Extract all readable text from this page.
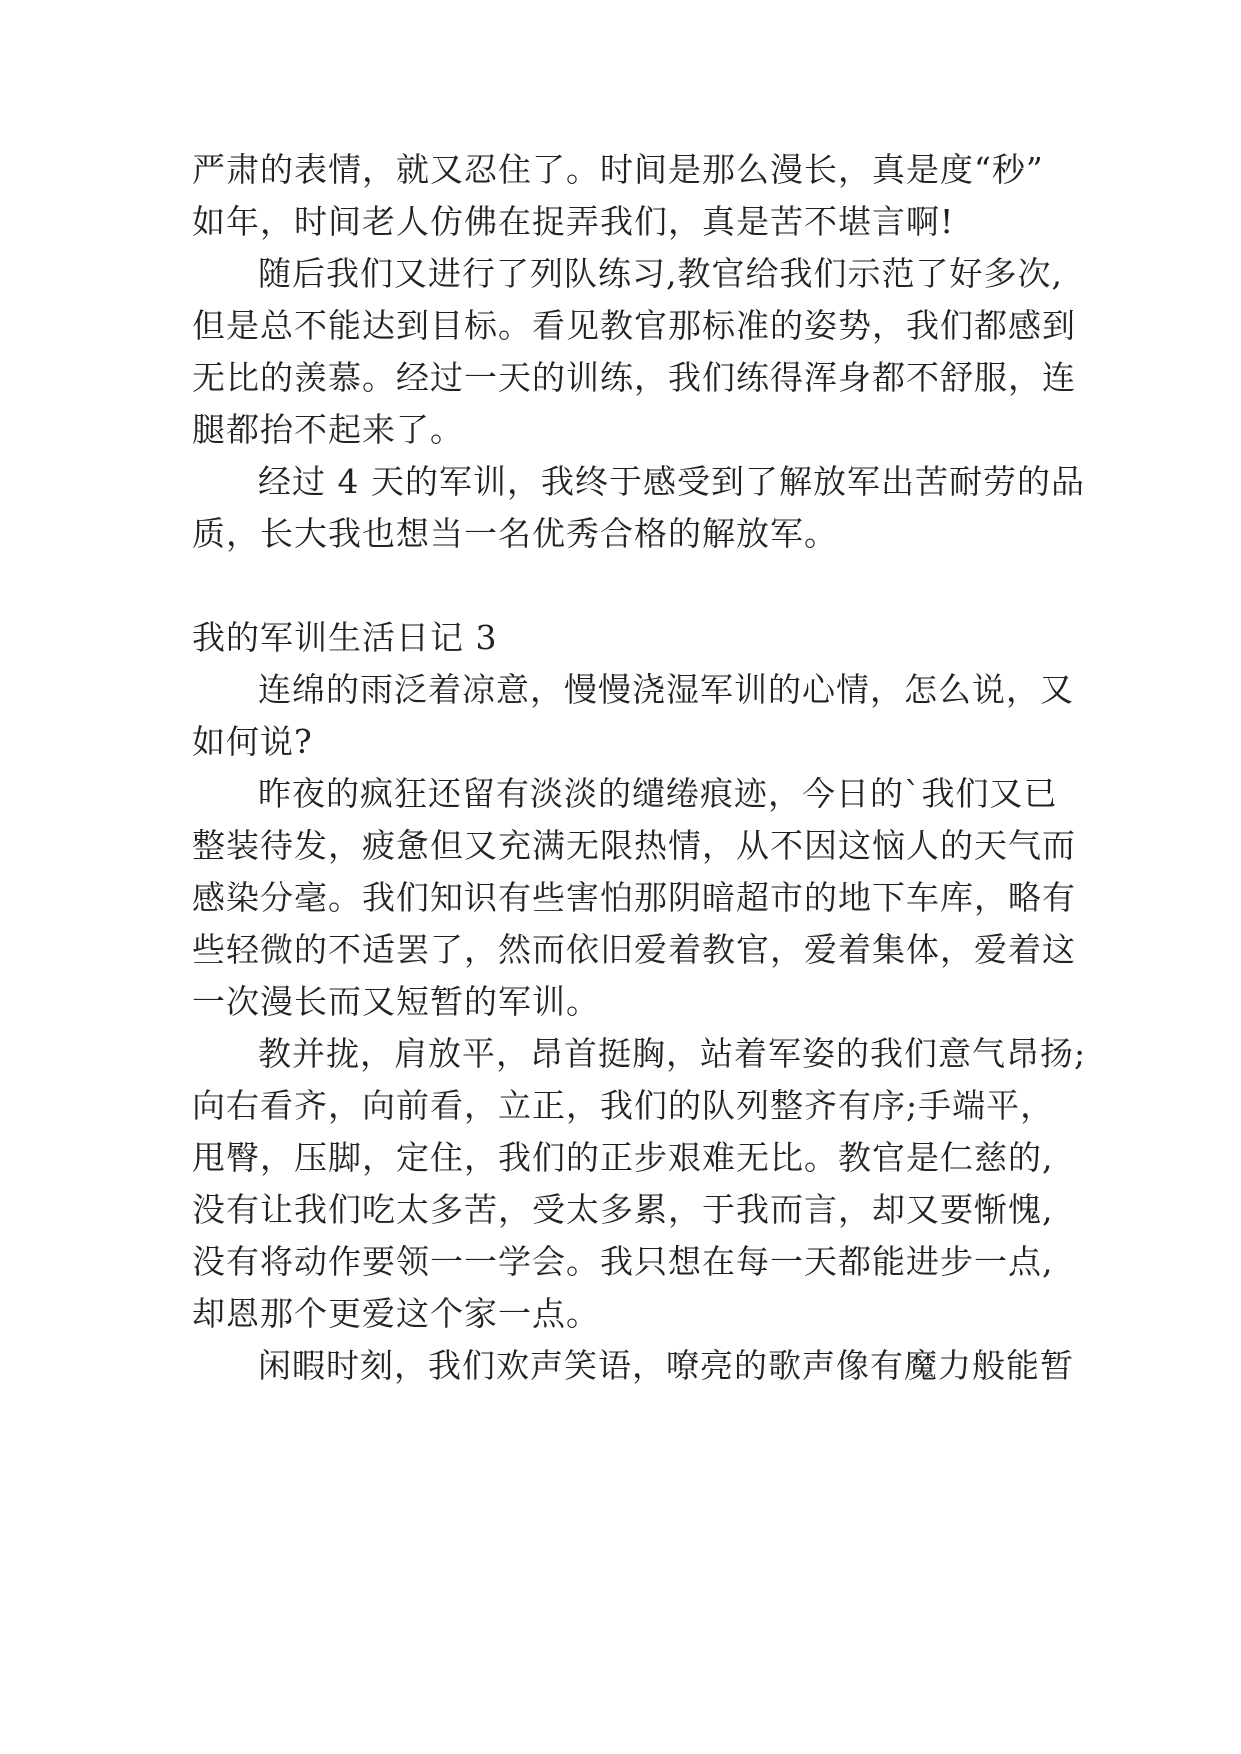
严肃的表情，就又忍住了。时间是那么漫长，真是度“秒”
如年，时间老人仿佛在捉弄我们，真是苦不堪言啊!
随后我们又进行了列队练习,教官给我们示范了好多次,
但是总不能达到目标。看见教官那标准的姿势，我们都感到
无比的羡慕。经过一天的训练，我们练得浑身都不舒服，连
腿都抬不起来了。
经过 4 天的军训，我终于感受到了解放军出苦耐劳的品
质，长大我也想当一名优秀合格的解放军。
我的军训生活日记 3
连绵的雨泛着凉意，慢慢浇湿军训的心情，怎么说，又
如何说?
昨夜的疯狂还留有淡淡的缱绻痕迹，今日的`我们又已
整装待发，疲惫但又充满无限热情，从不因这恼人的天气而
感染分毫。我们知识有些害怕那阴暗超市的地下车库，略有
些轻微的不适罢了，然而依旧爱着教官，爱着集体，爱着这
一次漫长而又短暂的军训。
教并拢，肩放平，昂首挺胸，站着军姿的我们意气昂扬;
向右看齐，向前看，立正，我们的队列整齐有序;手端平，
甩臀，压脚，定住，我们的正步艰难无比。教官是仁慈的,
没有让我们吃太多苦，受太多累，于我而言，却又要惭愧,
没有将动作要领一一学会。我只想在每一天都能进步一点,
却恩那个更爱这个家一点。
闲暇时刻，我们欢声笑语，嘹亮的歌声像有魔力般能暂
